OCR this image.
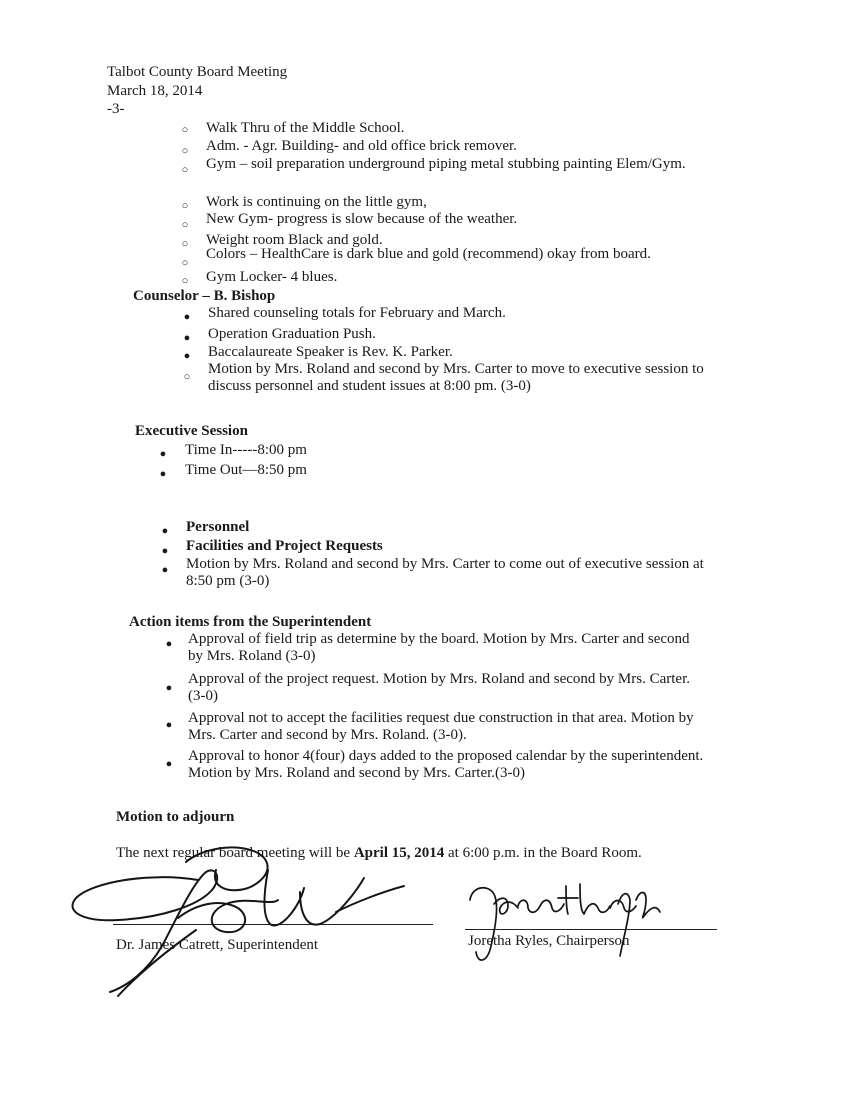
Talbot County Board Meeting
March 18, 2014
-3-
○ Walk Thru of the Middle School.
○ Adm. - Agr. Building- and old office brick remover.
○ Gym – soil preparation underground piping metal stubbing painting Elem/Gym.
○ Work is continuing on the little gym,
○ New Gym- progress is slow because of the weather.
○ Weight room Black and gold.
○
Colors – HealthCare is dark blue and gold (recommend) okay from board.
○ Gym Locker- 4 blues.
Counselor – B. Bishop
● Shared counseling totals for February and March.
● Operation Graduation Push.
● Baccalaureate Speaker is Rev. K. Parker.
○ Motion by Mrs. Roland and second by Mrs. Carter to move to executive session to discuss personnel and student issues at 8:00 pm. (3-0)
Executive Session
● Time In-----8:00 pm
● Time Out—8:50 pm
● Personnel
● Facilities and Project Requests
● Motion by Mrs. Roland and second by Mrs. Carter to come out of executive session at 8:50 pm (3-0)
Action items from the Superintendent
● Approval of field trip as determine by the board. Motion by Mrs. Carter and second by Mrs. Roland (3-0)
●
Approval of the project request. Motion by Mrs. Roland and second by Mrs. Carter.(3-0)
● Approval not to accept the facilities request due construction in that area. Motion by Mrs. Carter and second by Mrs. Roland. (3-0).
● Approval to honor 4(four) days added to the proposed calendar by the superintendent. Motion by Mrs. Roland and second by Mrs. Carter.(3-0)
Motion to adjourn
The next regular board meeting will be April 15, 2014 at 6:00 p.m. in the Board Room.
Dr. James Catrett, Superintendent	Joretha Ryles, Chairperson
